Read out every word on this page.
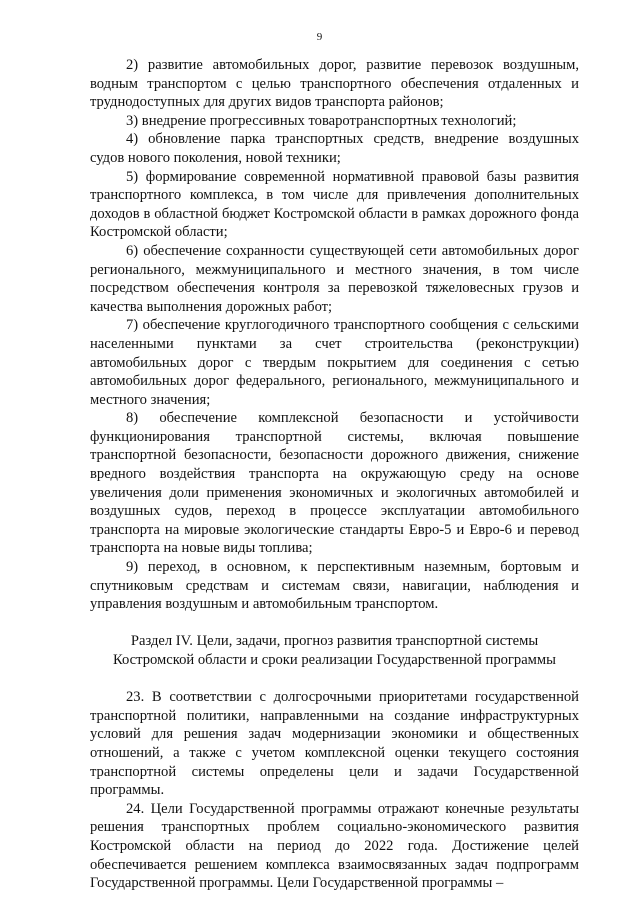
9

2) развитие автомобильных дорог, развитие перевозок воздушным, водным транспортом с целью транспортного обеспечения отдаленных и труднодоступных для других видов транспорта районов;

3) внедрение прогрессивных товаротранспортных технологий;

4) обновление парка транспортных средств, внедрение воздушных судов нового поколения, новой техники;

5) формирование современной нормативной правовой базы развития транспортного комплекса, в том числе для привлечения дополнительных доходов в областной бюджет Костромской области в рамках дорожного фонда Костромской области;

6) обеспечение сохранности существующей сети автомобильных дорог регионального, межмуниципального и местного значения, в том числе посредством обеспечения контроля за перевозкой тяжеловесных грузов и качества выполнения дорожных работ;

7) обеспечение круглогодичного транспортного сообщения с сельскими населенными пунктами за счет строительства (реконструкции) автомобильных дорог с твердым покрытием для соединения с сетью автомобильных дорог федерального, регионального, межмуниципального и местного значения;

8) обеспечение комплексной безопасности и устойчивости функционирования транспортной системы, включая повышение транспортной безопасности, безопасности дорожного движения, снижение вредного воздействия транспорта на окружающую среду на основе увеличения доли применения экономичных и экологичных автомобилей и воздушных судов, переход в процессе эксплуатации автомобильного транспорта на мировые экологические стандарты Евро-5 и Евро-6 и перевод транспорта на новые виды топлива;

9) переход, в основном, к перспективным наземным, бортовым и спутниковым средствам и системам связи, навигации, наблюдения и управления воздушным и автомобильным транспортом.

Раздел IV. Цели, задачи, прогноз развития транспортной системы
Костромской области и сроки реализации Государственной программы

23. В соответствии с долгосрочными приоритетами государственной транспортной политики, направленными на создание инфраструктурных условий для решения задач модернизации экономики и общественных отношений, а также с учетом комплексной оценки текущего состояния транспортной системы определены цели и задачи Государственной программы.

24. Цели Государственной программы отражают конечные результаты решения транспортных проблем социально-экономического развития Костромской области на период до 2022 года. Достижение целей обеспечивается решением комплекса взаимосвязанных задач подпрограмм Государственной программы. Цели Государственной программы –
